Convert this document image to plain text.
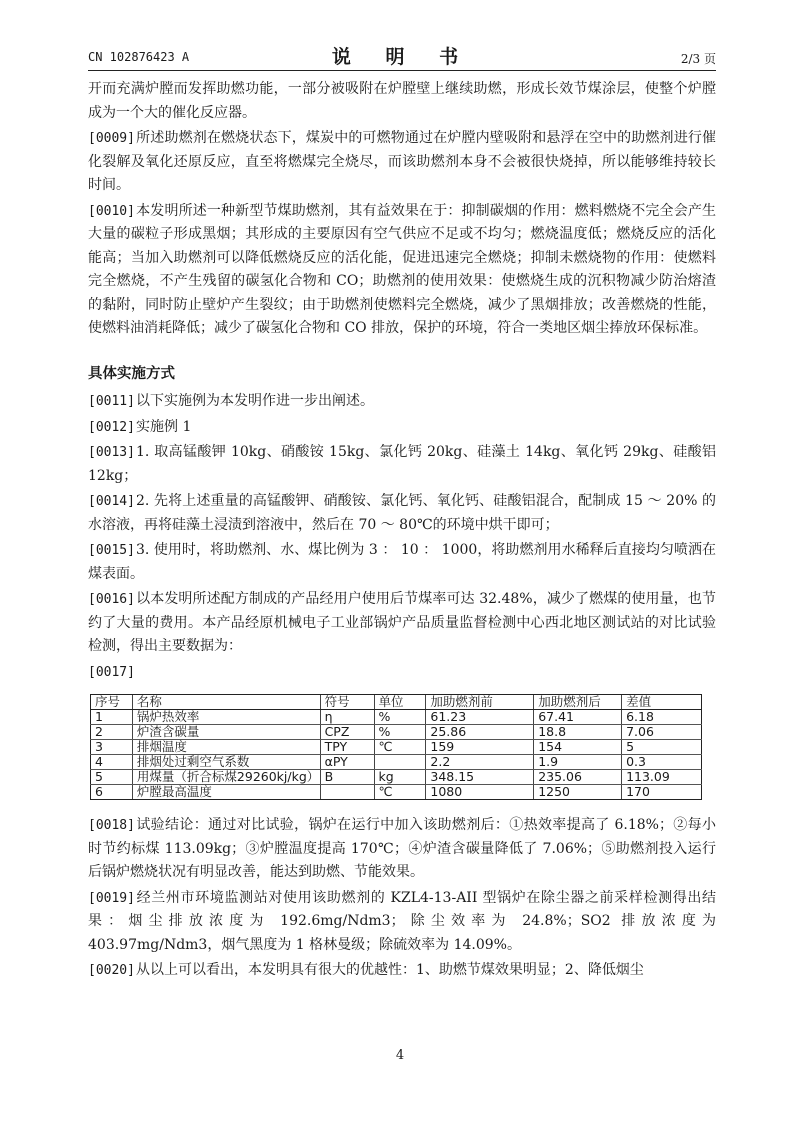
CN 102876423 A	说 明 书	2/3 页

开而充满炉膛而发挥助燃功能，一部分被吸附在炉膛壁上继续助燃，形成长效节煤涂层，使整个炉膛成为一个大的催化反应器。

[0009]所述助燃剂在燃烧状态下，煤炭中的可燃物通过在炉膛内壁吸附和悬浮在空中的助燃剂进行催化裂解及氧化还原反应，直至将燃煤完全烧尽，而该助燃剂本身不会被很快烧掉，所以能够维持较长时间。

[0010]本发明所述一种新型节煤助燃剂，其有益效果在于：抑制碳烟的作用：燃料燃烧不完全会产生大量的碳粒子形成黑烟；其形成的主要原因有空气供应不足或不均匀；燃烧温度低；燃烧反应的活化能高；当加入助燃剂可以降低燃烧反应的活化能，促进迅速完全燃烧；抑制未燃烧物的作用：使燃料完全燃烧，不产生残留的碳氢化合物和 CO；助燃剂的使用效果：使燃烧生成的沉积物减少防治熔渣的黏附，同时防止壁炉产生裂纹；由于助燃剂使燃料完全燃烧，减少了黑烟排放；改善燃烧的性能，使燃料油消耗降低；减少了碳氢化合物和 CO 排放，保护的环境，符合一类地区烟尘捧放环保标准。

具体实施方式

[0011]以下实施例为本发明作进一步出阐述。

[0012]实施例 1

[0013]1. 取高锰酸钾 10kg、硝酸铵 15kg、氯化钙 20kg、硅藻土 14kg、氧化钙 29kg、硅酸铝 12kg；

[0014]2. 先将上述重量的高锰酸钾、硝酸铵、氯化钙、氧化钙、硅酸铝混合，配制成 15 ～ 20% 的水溶液，再将硅藻土浸渍到溶液中，然后在 70 ～ 80℃的环境中烘干即可；

[0015]3. 使用时，将助燃剂、水、煤比例为 3 ： 10 ： 1000，将助燃剂用水稀释后直接均匀喷洒在煤表面。

[0016]以本发明所述配方制成的产品经用户使用后节煤率可达 32.48%，减少了燃煤的使用量，也节约了大量的费用。本产品经原机械电子工业部锅炉产品质量监督检测中心西北地区测试站的对比试验检测，得出主要数据为：

[0017]
序号	名称	符号	单位	加助燃剂前	加助燃剂后	差值
1	锅炉热效率	η	%	61.23	67.41	6.18
2	炉渣含碳量	CPZ	%	25.86	18.8	7.06
3	排烟温度	TPY	℃	159	154	5
4	排烟处过剩空气系数	αPY		2.2	1.9	0.3
5	用煤量（折合标煤29260kj/kg）	B	kg	348.15	235.06	113.09
6	炉膛最高温度		℃	1080	1250	170

[0018]试验结论：通过对比试验，锅炉在运行中加入该助燃剂后：①热效率提高了 6.18%；②每小时节约标煤 113.09kg；③炉膛温度提高 170℃；④炉渣含碳量降低了 7.06%；⑤助燃剂投入运行后锅炉燃烧状况有明显改善，能达到助燃、节能效果。

[0019]经兰州市环境监测站对使用该助燃剂的 KZL4-13-AII 型锅炉在除尘器之前采样检测得出结果：烟尘排放浓度为 192.6mg/Ndm3；除尘效率为 24.8%；SO2 排放浓度为 403.97mg/Ndm3，烟气黑度为 1 格林曼级；除硫效率为 14.09%。

[0020]从以上可以看出，本发明具有很大的优越性：1、助燃节煤效果明显；2、降低烟尘

4
